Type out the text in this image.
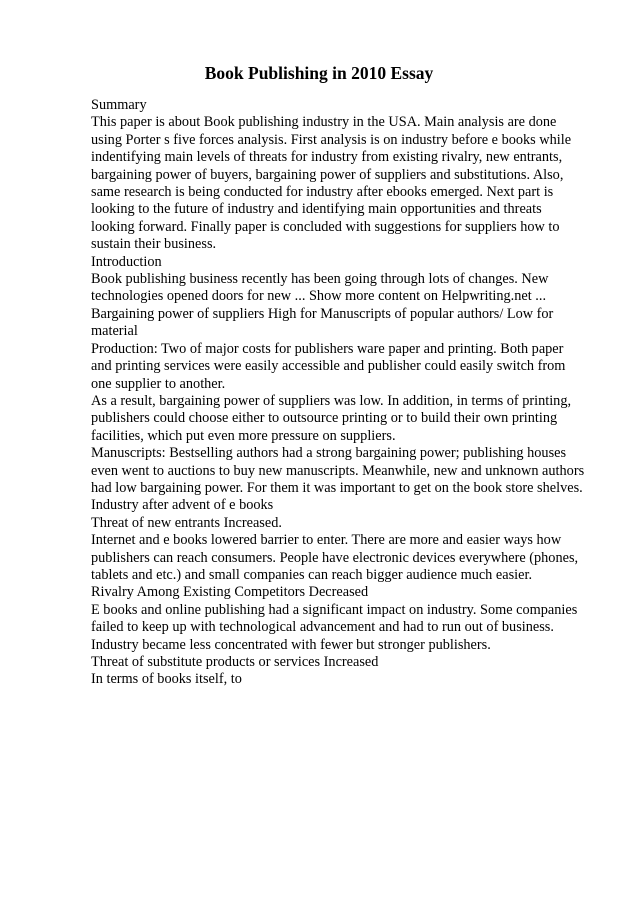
Book Publishing in 2010 Essay
Summary
This paper is about Book publishing industry in the USA. Main analysis are done
using Porter s five forces analysis. First analysis is on industry before e books while
indentifying main levels of threats for industry from existing rivalry, new entrants,
bargaining power of buyers, bargaining power of suppliers and substitutions. Also,
same research is being conducted for industry after ebooks emerged. Next part is
looking to the future of industry and identifying main opportunities and threats
looking forward. Finally paper is concluded with suggestions for suppliers how to
sustain their business.
Introduction
Book publishing business recently has been going through lots of changes. New
technologies opened doors for new ... Show more content on Helpwriting.net ...
Bargaining power of suppliers High for Manuscripts of popular authors/ Low for
material
Production: Two of major costs for publishers ware paper and printing. Both paper
and printing services were easily accessible and publisher could easily switch from
one supplier to another.
As a result, bargaining power of suppliers was low. In addition, in terms of printing,
publishers could choose either to outsource printing or to build their own printing
facilities, which put even more pressure on suppliers.
Manuscripts: Bestselling authors had a strong bargaining power; publishing houses
even went to auctions to buy new manuscripts. Meanwhile, new and unknown authors
had low bargaining power. For them it was important to get on the book store shelves.
Industry after advent of e books
Threat of new entrants Increased.
Internet and e books lowered barrier to enter. There are more and easier ways how
publishers can reach consumers. People have electronic devices everywhere (phones,
tablets and etc.) and small companies can reach bigger audience much easier.
Rivalry Among Existing Competitors Decreased
E books and online publishing had a significant impact on industry. Some companies
failed to keep up with technological advancement and had to run out of business.
Industry became less concentrated with fewer but stronger publishers.
Threat of substitute products or services Increased
In terms of books itself, to
